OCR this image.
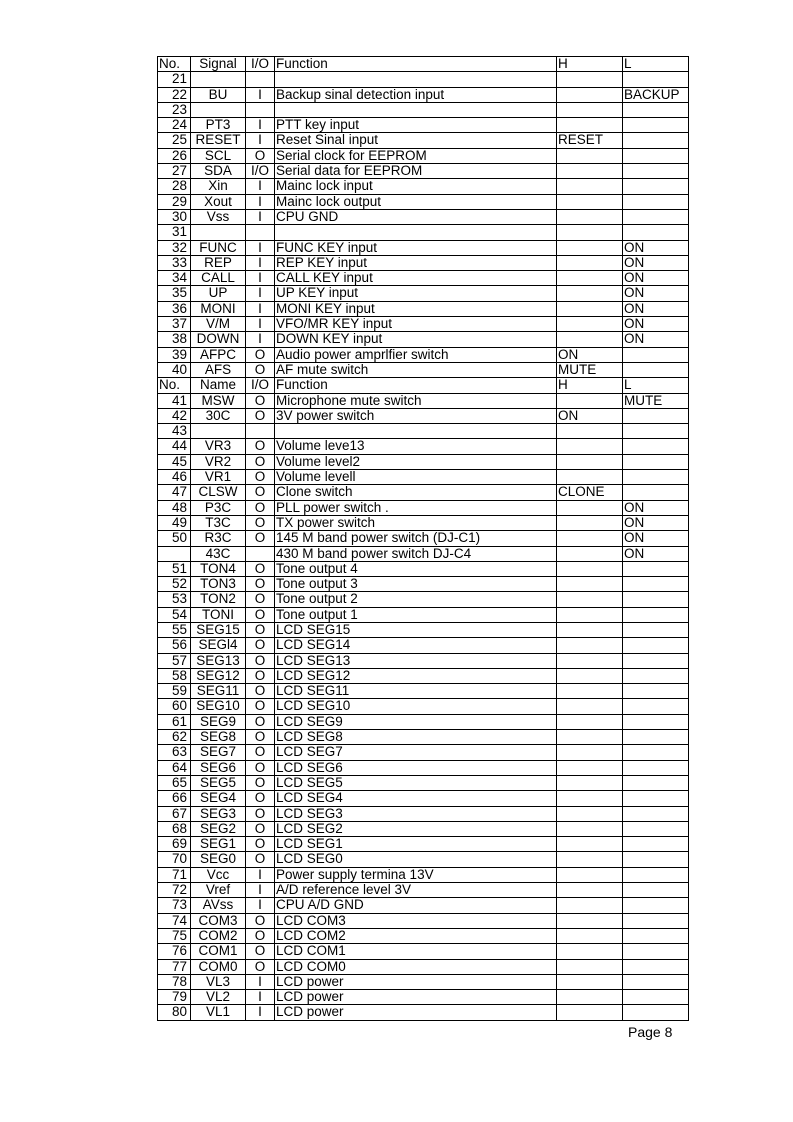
No.	Signal	I/O	Function	H	L
21					
22	BU	I	Backup sinal detection input		BACKUP
23					
24	PT3	I	PTT key input		
25	RESET	I	Reset Sinal input	RESET	
26	SCL	O	Serial clock for EEPROM		
27	SDA	I/O	Serial data for EEPROM		
28	Xin	I	Mainc lock input		
29	Xout	I	Mainc lock output		
30	Vss	I	CPU GND		
31					
32	FUNC	I	FUNC KEY input		ON
33	REP	I	REP KEY input		ON
34	CALL	I	CALL KEY input		ON
35	UP	I	UP KEY input		ON
36	MONI	I	MONI KEY input		ON
37	V/M	I	VFO/MR KEY input		ON
38	DOWN	I	DOWN KEY input		ON
39	AFPC	O	Audio power amprlfier switch	ON	
40	AFS	O	AF mute switch	MUTE	
No.	Name	I/O	Function	H	L
41	MSW	O	Microphone mute switch		MUTE
42	30C	O	3V power switch	ON	
43					
44	VR3	O	Volume leve13		
45	VR2	O	Volume level2		
46	VR1	O	Volume levell		
47	CLSW	O	Clone switch	CLONE	
48	P3C	O	PLL power switch .		ON
49	T3C	O	TX power switch		ON
50	R3C	O	145 M band power switch (DJ-C1)		ON
	43C		430 M band power switch DJ-C4		ON
51	TON4	O	Tone output 4		
52	TON3	O	Tone output 3		
53	TON2	O	Tone output 2		
54	TONI	O	Tone output 1		
55	SEG15	O	LCD SEG15		
56	SEGl4	O	LCD SEG14		
57	SEG13	O	LCD SEG13		
58	SEG12	O	LCD SEG12		
59	SEG11	O	LCD SEG11		
60	SEG10	O	LCD SEG10		
61	SEG9	O	LCD SEG9		
62	SEG8	O	LCD SEG8		
63	SEG7	O	LCD SEG7		
64	SEG6	O	LCD SEG6		
65	SEG5	O	LCD SEG5		
66	SEG4	O	LCD SEG4		
67	SEG3	O	LCD SEG3		
68	SEG2	O	LCD SEG2		
69	SEG1	O	LCD SEG1		
70	SEG0	O	LCD SEG0		
71	Vcc	I	Power supply termina 13V		
72	Vref	I	A/D reference level 3V		
73	AVss	I	CPU A/D GND		
74	COM3	O	LCD COM3		
75	COM2	O	LCD COM2		
76	COM1	O	LCD COM1		
77	COM0	O	LCD COM0		
78	VL3	I	LCD power		
79	VL2	I	LCD power		
80	VL1	I	LCD power		
Page 8
